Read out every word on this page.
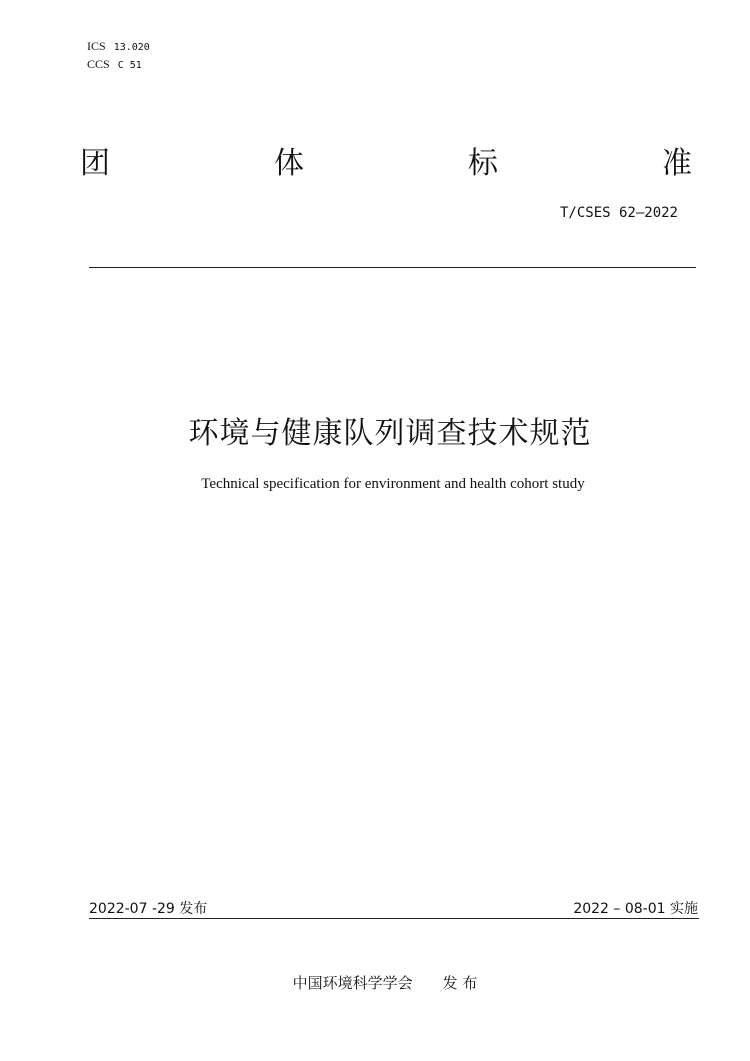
ICS 13.020
CCS C 51
团	体	标	准
T/CSES 62—2022
环境与健康队列调查技术规范
Technical specification for environment and health cohort study
2022-07 -29 发布	2022 – 08-01 实施
中国环境科学学会 发 布
